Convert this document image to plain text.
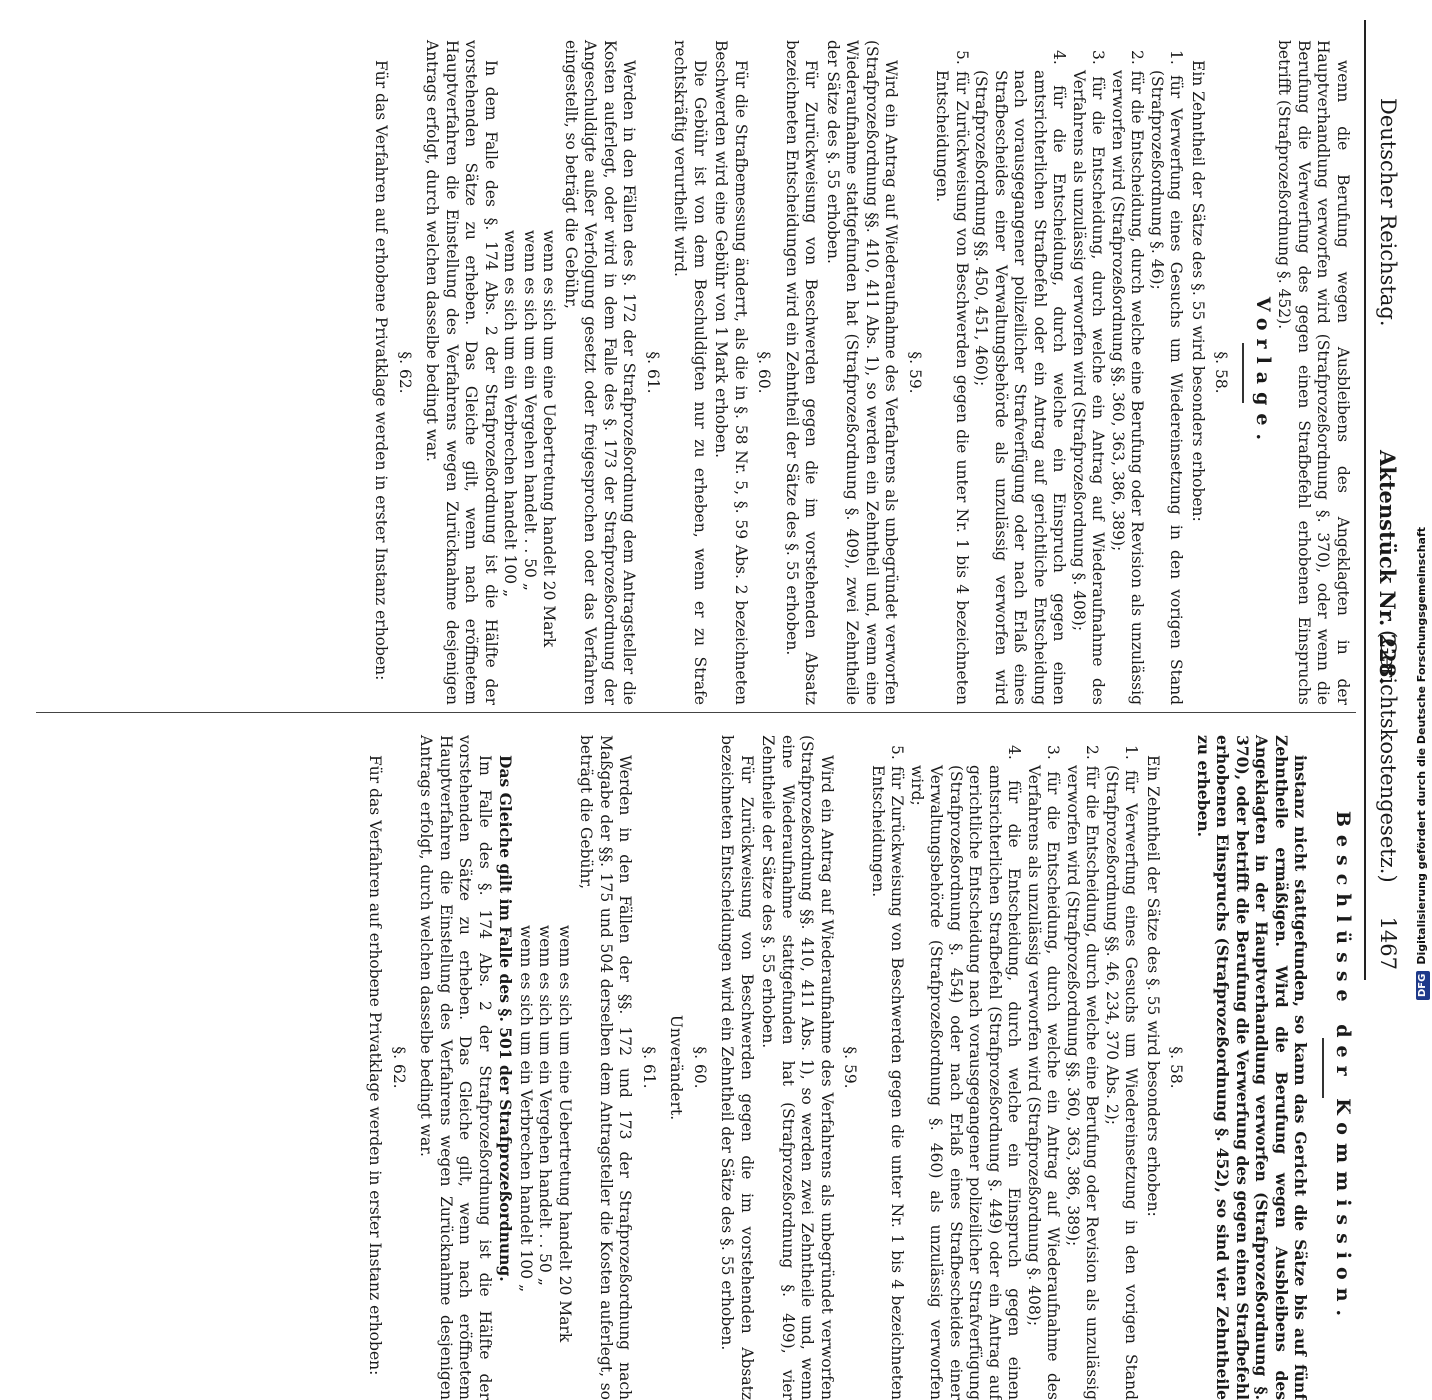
Deutscher Reichstag.
Aktenstück Nr. 228.
(Gerichtskostengesetz.)
1467

wenn die Berufung wegen Ausbleibens des Angeklagten in der Hauptverhandlung verworfen wird (Strafprozeßordnung §. 370), oder wenn die Berufung die Verwerfung des gegen einen Strafbefehl erhobenen Einspruchs betrifft (Strafprozeßordnung §. 452).

Vorlage.
§. 58.

Ein Zehntheil der Sätze des §. 55 wird besonders erhoben:

1. für Verwerfung eines Gesuchs um Wiedereinsetzung in den vorigen Stand (Strafprozeßordnung §. 46);

2. für die Entscheidung, durch welche eine Berufung oder Revision als unzulässig verworfen wird (Strafprozeßordnung §§. 360, 363, 386, 389);

3. für die Entscheidung, durch welche ein Antrag auf Wiederaufnahme des Verfahrens als unzulässig verworfen wird (Strafprozeßordnung §. 408);

4. für die Entscheidung, durch welche ein Einspruch gegen einen amtsrichterlichen Strafbefehl oder ein Antrag auf gerichtliche Entscheidung nach vorausgegangener polizeilicher Strafverfügung oder nach Erlaß eines Strafbescheides einer Verwaltungsbehörde als unzulässig verworfen wird (Strafprozeßordnung §§. 450, 451, 460);

5. für Zurückweisung von Beschwerden gegen die unter Nr. 1 bis 4 bezeichneten Entscheidungen.

§. 59.

Wird ein Antrag auf Wiederaufnahme des Verfahrens als unbegründet verworfen (Strafprozeßordnung §§. 410, 411 Abs. 1), so werden ein Zehntheil und, wenn eine Wiederaufnahme stattgefunden hat (Strafprozeßordnung §. 409), zwei Zehntheile der Sätze des §. 55 erhoben.

Für Zurückweisung von Beschwerden gegen die im vorstehenden Absatz bezeichneten Entscheidungen wird ein Zehntheil der Sätze des §. 55 erhoben.

§. 60.

Für die Strafbemessung änderrt, als die in §. 58 Nr. 5, §. 59 Abs. 2 bezeichneten Beschwerden wird eine Gebühr von 1 Mark erhoben.

Die Gebühr ist von dem Beschuldigten nur zu erheben, wenn er zu Strafe rechtskräftig verurtheilt wird.

§. 61.

Werden in den Fällen des §. 172 der Strafprozeßordnung dem Antragsteller die Kosten auferlegt, oder wird in dem Falle des §. 173 der Strafprozeßordnung der Angeschuldigte außer Verfolgung gesetzt oder freigesprochen oder das Verfahren eingestellt, so beträgt die Gebühr,

wenn es sich um eine Uebertretung handelt 20 Mark

wenn es sich um ein Vergehen handelt . . 50 „

wenn es sich um ein Verbrechen handelt 100 „

In dem Falle des §. 174 Abs. 2 der Strafprozeßordnung ist die Hälfte der vorstehenden Sätze zu erheben. Das Gleiche gilt, wenn nach eröffnetem Hauptverfahren die Einstellung des Verfahrens wegen Zurücknahme desjenigen Antrags erfolgt, durch welchen dasselbe bedingt war.

§. 62.

Für das Verfahren auf erhobene Privatklage werden in erster Instanz erhoben:

Beschlüsse der Kommission.

instanz nicht stattgefunden, so kann das Gericht die Sätze bis auf fünf Zehntheile ermäßigen. Wird die Berufung wegen Ausbleibens des Angeklagten in der Hauptverhandlung verworfen (Strafprozeßordnung §. 370), oder betrifft die Berufung die Verwerfung des gegen einen Strafbefehl erhobenen Einspruchs (Strafprozeßordnung §. 452), so sind vier Zehntheile zu erheben.

§. 58.

Ein Zehntheil der Sätze des §. 55 wird besonders erhoben:

1. für Verwerfung eines Gesuchs um Wiedereinsetzung in den vorigen Stand (Strafprozeßordnung §§. 46, 234, 370 Abs. 2);

2. für die Entscheidung, durch welche eine Berufung oder Revision als unzulässig verworfen wird (Strafprozeßordnung §§. 360, 363, 386, 389);

3. für die Entscheidung, durch welche ein Antrag auf Wiederaufnahme des Verfahrens als unzulässig verworfen wird (Strafprozeßordnung §. 408);

4. für die Entscheidung, durch welche ein Einspruch gegen einen amtsrichterlichen Strafbefehl (Strafprozeßordnung §. 449) oder ein Antrag auf gerichtliche Entscheidung nach vorausgegangener polizeilicher Strafverfügung (Strafprozeßordnung §. 454) oder nach Erlaß eines Strafbescheides einer Verwaltungsbehörde (Strafprozeßordnung §. 460) als unzulässig verworfen wird;

5. für Zurückweisung von Beschwerden gegen die unter Nr. 1 bis 4 bezeichneten Entscheidungen.

§. 59.

Wird ein Antrag auf Wiederaufnahme des Verfahrens als unbegründet verworfen (Strafprozeßordnung §§. 410, 411 Abs. 1), so werden zwei Zehntheile und, wenn eine Wiederaufnahme stattgefunden hat (Strafprozeßordnung §. 409), vier Zehntheile der Sätze des §. 55 erhoben.

Für Zurückweisung von Beschwerden gegen die im vorstehenden Absatz bezeichneten Entscheidungen wird ein Zehntheil der Sätze des §. 55 erhoben.

§. 60.

Unverändert.

§. 61.

Werden in den Fällen der §§. 172 und 173 der Strafprozeßordnung nach Maßgabe der §§. 175 und 504 derselben dem Antragsteller die Kosten auferlegt, so beträgt die Gebühr,

wenn es sich um eine Uebertretung handelt 20 Mark

wenn es sich um ein Vergehen handelt . . 50 „

wenn es sich um ein Verbrechen handelt 100 „

Das Gleiche gilt im Falle des §. 501 der Strafprozeßordnung.

Im Falle des §. 174 Abs. 2 der Strafprozeßordnung ist die Hälfte der vorstehenden Sätze zu erheben. Das Gleiche gilt, wenn nach eröffnetem Hauptverfahren die Einstellung des Verfahrens wegen Zurücknahme desjenigen Antrags erfolgt, durch welchen dasselbe bedingt war.

§. 62.

Für das Verfahren auf erhobene Privatklage werden in erster Instanz erhoben:	DFGDigitalisierung gefördert durch die Deutsche Forschungsgemeinschaft
